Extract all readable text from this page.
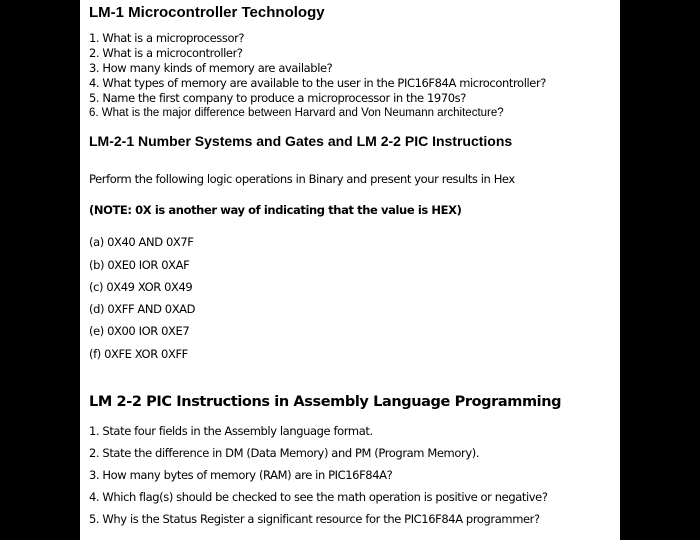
LM-1 Microcontroller Technology
1. What is a microprocessor?
2. What is a microcontroller?
3. How many kinds of memory are available?
4. What types of memory are available to the user in the PIC16F84A microcontroller?
5. Name the first company to produce a microprocessor in the 1970s?
6. What is the major difference between Harvard and Von Neumann architecture?
LM-2-1 Number Systems and Gates and LM 2-2 PIC Instructions
Perform the following logic operations in Binary and present your results in Hex
(NOTE: 0X is another way of indicating that the value is HEX)
(a) 0X40 AND 0X7F
(b) 0XE0 IOR 0XAF
(c) 0X49 XOR 0X49
(d) 0XFF AND 0XAD
(e) 0X00 IOR 0XE7
(f) 0XFE XOR 0XFF
LM 2-2 PIC Instructions in Assembly Language Programming
1. State four fields in the Assembly language format.
2. State the difference in DM (Data Memory) and PM (Program Memory).
3. How many bytes of memory (RAM) are in PIC16F84A?
4. Which flag(s) should be checked to see the math operation is positive or negative?
5. Why is the Status Register a significant resource for the PIC16F84A programmer?
